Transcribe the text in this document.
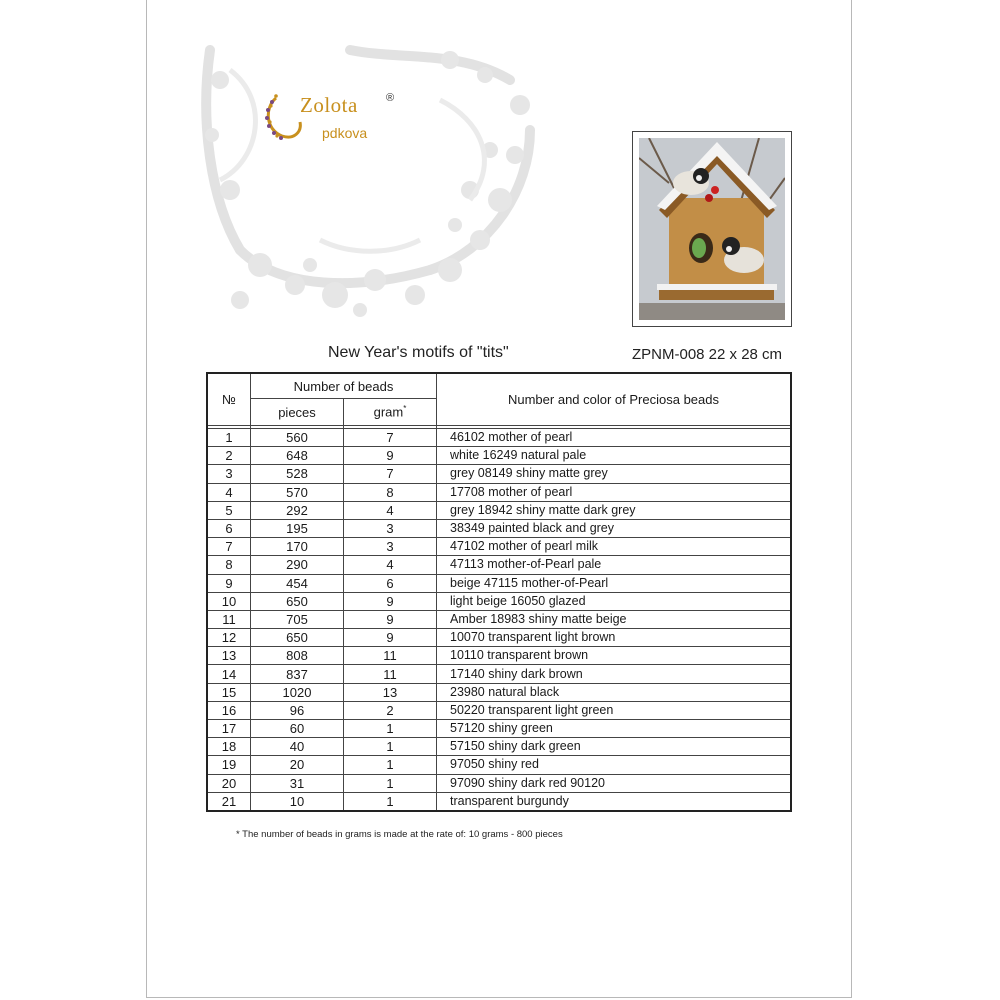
Zolota	®
pdkova
New Year's motifs of "tits"	ZPNM-008 22 x 28 cm
№	Number of beads		Number and color of Preciosa beads
	pieces	gram*

1	560	7	46102 mother of pearl
2	648	9	white 16249 natural pale
3	528	7	grey 08149 shiny matte grey
4	570	8	17708 mother of pearl
5	292	4	grey 18942 shiny matte dark grey
6	195	3	38349 painted black and grey
7	170	3	47102 mother of pearl milk
8	290	4	47113 mother-of-Pearl pale
9	454	6	beige 47115 mother-of-Pearl
10	650	9	light beige 16050 glazed
11	705	9	Amber 18983 shiny matte beige
12	650	9	10070 transparent light brown
13	808	11	10110 transparent brown
14	837	11	17140 shiny dark brown
15	1020	13	23980 natural black
16	96	2	50220 transparent light green
17	60	1	57120 shiny green
18	40	1	57150 shiny dark green
19	20	1	97050 shiny red
20	31	1	97090 shiny dark red 90120
21	10	1	transparent burgundy
* The number of beads in grams is made at the rate of: 10 grams - 800 pieces
